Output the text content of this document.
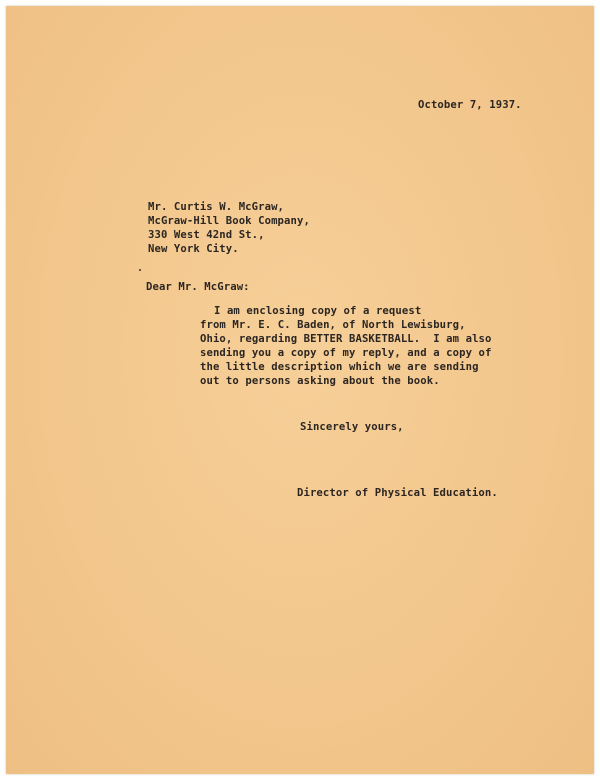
October 7, 1937.
Mr. Curtis W. McGraw,
McGraw-Hill Book Company,
330 West 42nd St.,
New York City.
Dear Mr. McGraw:
I am enclosing copy of a request
from Mr. E. C. Baden, of North Lewisburg,
Ohio, regarding BETTER BASKETBALL.  I am also
sending you a copy of my reply, and a copy of
the little description which we are sending
out to persons asking about the book.
Sincerely yours,
Director of Physical Education.
